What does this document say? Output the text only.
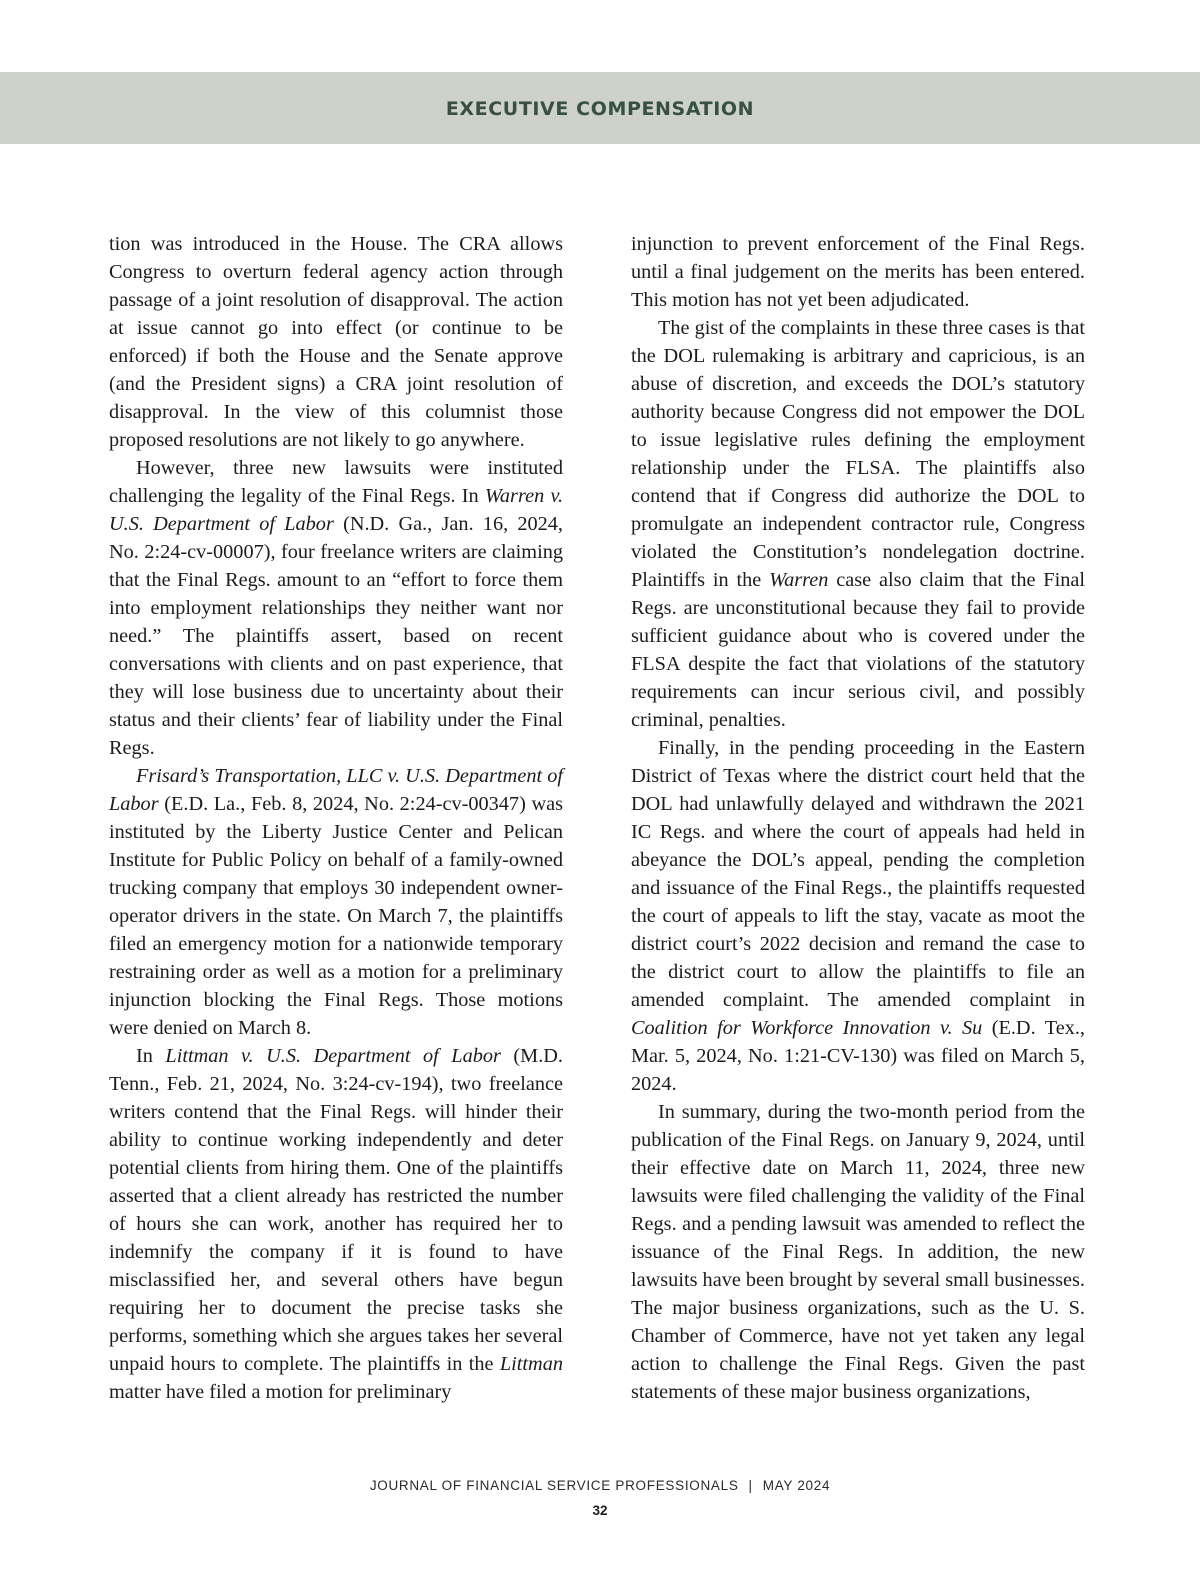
EXECUTIVE COMPENSATION

tion was introduced in the House. The CRA allows Congress to overturn federal agency action through passage of a joint resolution of disapproval. The action at issue cannot go into effect (or continue to be enforced) if both the House and the Senate approve (and the President signs) a CRA joint resolution of disapproval. In the view of this columnist those proposed resolutions are not likely to go anywhere.

However, three new lawsuits were instituted challenging the legality of the Final Regs. In Warren v. U.S. Department of Labor (N.D. Ga., Jan. 16, 2024, No. 2:24-cv-00007), four freelance writers are claiming that the Final Regs. amount to an “effort to force them into employment relationships they neither want nor need.” The plaintiffs assert, based on recent conversations with clients and on past experience, that they will lose business due to uncertainty about their status and their clients’ fear of liability under the Final Regs.

Frisard’s Transportation, LLC v. U.S. Department of Labor (E.D. La., Feb. 8, 2024, No. 2:24-cv-00347) was instituted by the Liberty Justice Center and Pelican Institute for Public Policy on behalf of a family-owned trucking company that employs 30 independent owner-operator drivers in the state. On March 7, the plaintiffs filed an emergency motion for a nationwide temporary restraining order as well as a motion for a preliminary injunction blocking the Final Regs. Those motions were denied on March 8.

In Littman v. U.S. Department of Labor (M.D. Tenn., Feb. 21, 2024, No. 3:24-cv-194), two freelance writers contend that the Final Regs. will hinder their ability to continue working independently and deter potential clients from hiring them. One of the plaintiffs asserted that a client already has restricted the number of hours she can work, another has required her to indemnify the company if it is found to have misclassified her, and several others have begun requiring her to document the precise tasks she performs, something which she argues takes her several unpaid hours to complete. The plaintiffs in the Littman matter have filed a motion for preliminary

injunction to prevent enforcement of the Final Regs. until a final judgement on the merits has been entered. This motion has not yet been adjudicated.

The gist of the complaints in these three cases is that the DOL rulemaking is arbitrary and capricious, is an abuse of discretion, and exceeds the DOL’s statutory authority because Congress did not empower the DOL to issue legislative rules defining the employment relationship under the FLSA. The plaintiffs also contend that if Congress did authorize the DOL to promulgate an independent contractor rule, Congress violated the Constitution’s nondelegation doctrine. Plaintiffs in the Warren case also claim that the Final Regs. are unconstitutional because they fail to provide sufficient guidance about who is covered under the FLSA despite the fact that violations of the statutory requirements can incur serious civil, and possibly criminal, penalties.

Finally, in the pending proceeding in the Eastern District of Texas where the district court held that the DOL had unlawfully delayed and withdrawn the 2021 IC Regs. and where the court of appeals had held in abeyance the DOL’s appeal, pending the completion and issuance of the Final Regs., the plaintiffs requested the court of appeals to lift the stay, vacate as moot the district court’s 2022 decision and remand the case to the district court to allow the plaintiffs to file an amended complaint. The amended complaint in Coalition for Workforce Innovation v. Su (E.D. Tex., Mar. 5, 2024, No. 1:21-CV-130) was filed on March 5, 2024.

In summary, during the two-month period from the publication of the Final Regs. on January 9, 2024, until their effective date on March 11, 2024, three new lawsuits were filed challenging the validity of the Final Regs. and a pending lawsuit was amended to reflect the issuance of the Final Regs. In addition, the new lawsuits have been brought by several small businesses. The major business organizations, such as the U. S. Chamber of Commerce, have not yet taken any legal action to challenge the Final Regs. Given the past statements of these major business organizations,

JOURNAL OF FINANCIAL SERVICE PROFESSIONALS | MAY 2024
32
